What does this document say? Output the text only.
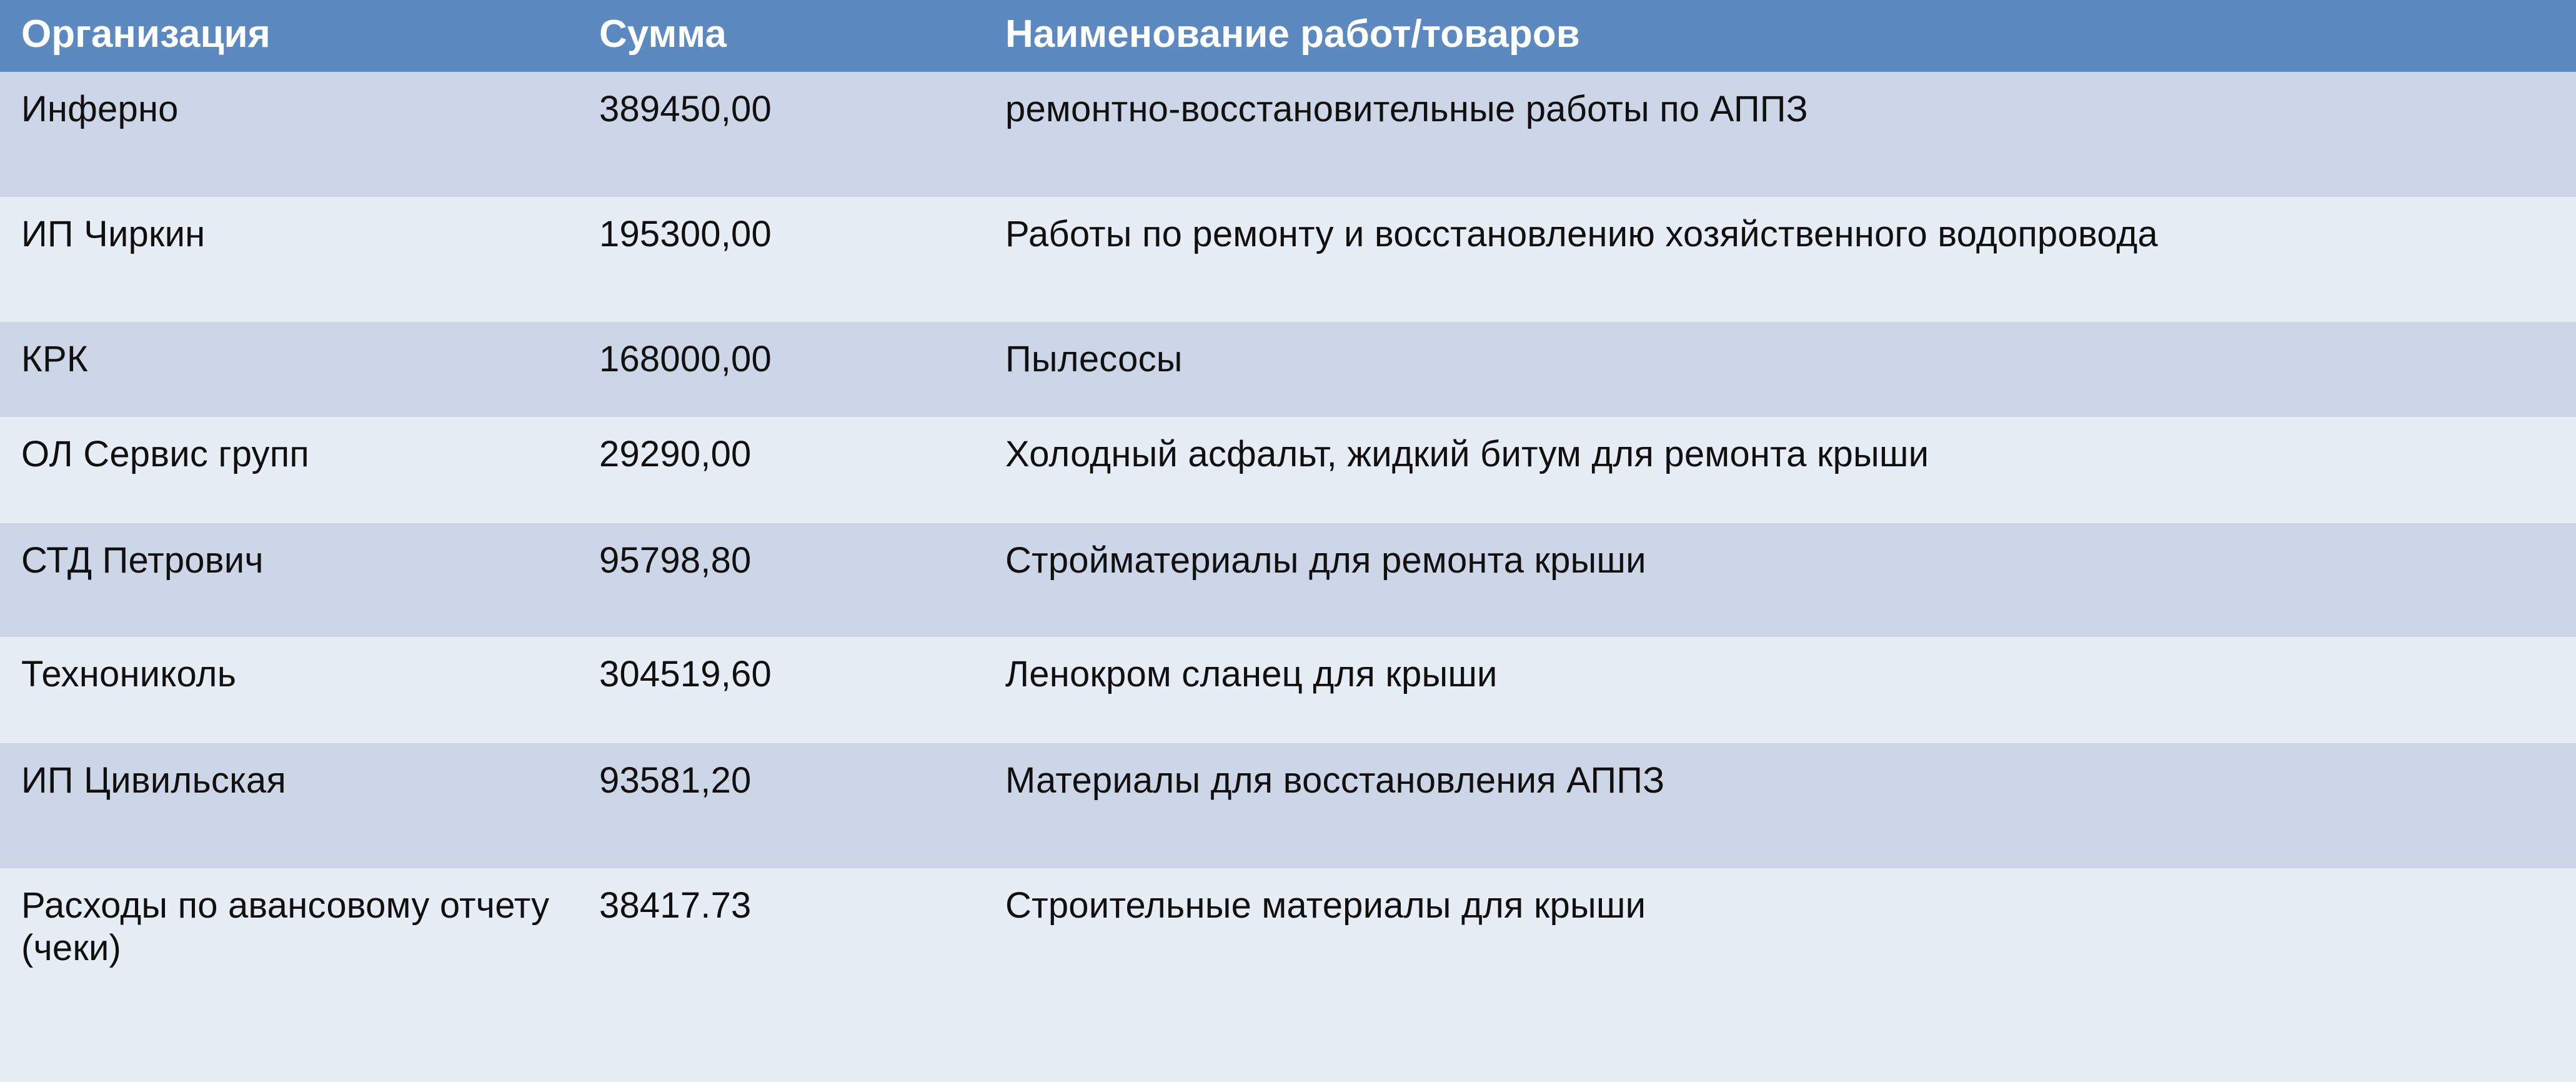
Организация	Сумма	Наименование работ/товаров
Инферно	389450,00	ремонтно-восстановительные работы по АППЗ
ИП Чиркин	195300,00	Работы по ремонту и восстановлению хозяйственного водопровода
КРК	168000,00	Пылесосы
ОЛ Сервис групп	29290,00	Холодный асфальт, жидкий битум для ремонта крыши
СТД Петрович	95798,80	Стройматериалы для ремонта крыши
Технониколь	304519,60	Ленокром сланец для крыши
ИП Цивильская	93581,20	Материалы для восстановления АППЗ
Расходы по авансовому отчету (чеки)	38417.73	Строительные материалы для крыши
